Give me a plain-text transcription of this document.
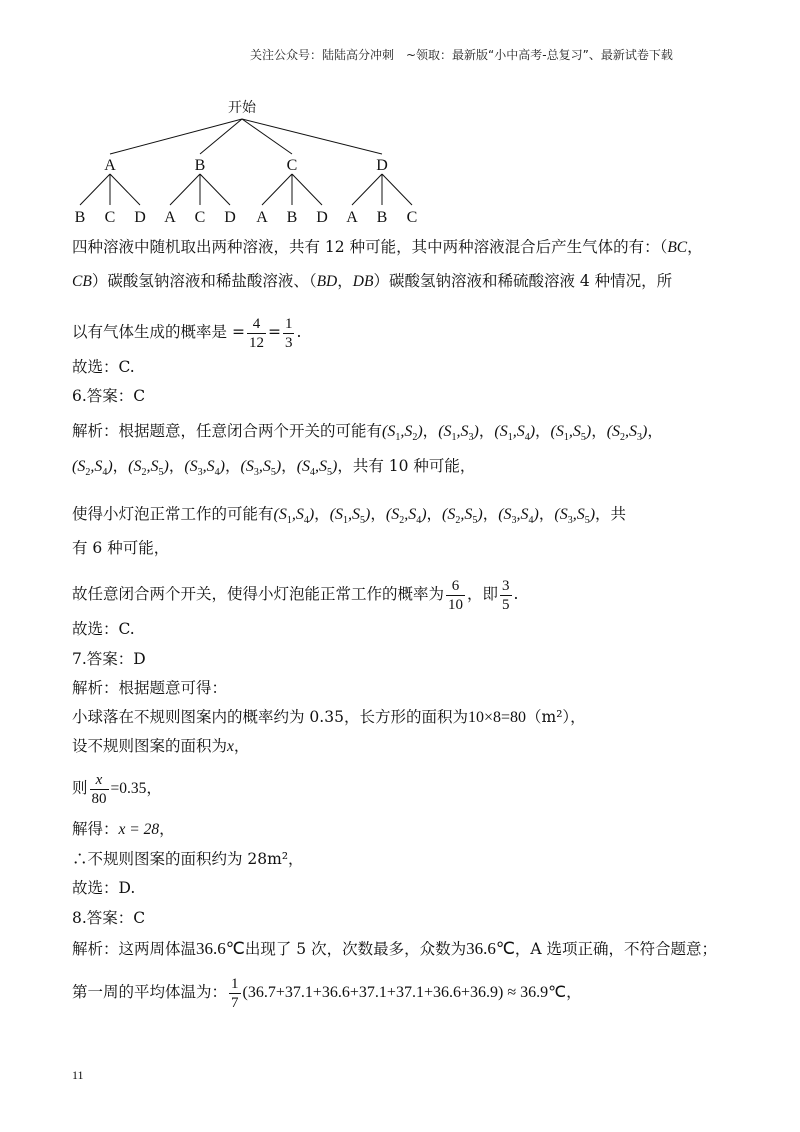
关注公众号：陆陆高分冲刺　~领取：最新版“小中高考-总复习”、最新试卷下载
开始
A	B	C	D
B C D A C D A B D A B C
四种溶液中随机取出两种溶液，共有 12 种可能，其中两种溶液混合后产生气体的有：（BC，
CB）碳酸氢钠溶液和稀盐酸溶液、（BD，DB）碳酸氢钠溶液和稀硫酸溶液 4 种情况，所
以有气体生成的概率是 = $\frac{4}{12} = \frac{1}{3}$ .
故选：C.
6.答案：C
解析：根据题意，任意闭合两个开关的可能有$(S_1,S_2)$，$(S_1,S_3)$，$(S_1,S_4)$，$(S_1,S_5)$，$(S_2,S_3)$，
$(S_2,S_4)$，$(S_2,S_5)$，$(S_3,S_4)$，$(S_3,S_5)$，$(S_4,S_5)$，共有 10 种可能，
使得小灯泡正常工作的可能有$(S_1,S_4)$，$(S_1,S_5)$，$(S_2,S_4)$，$(S_2,S_5)$，$(S_3,S_4)$，$(S_3,S_5)$，共
有 6 种可能，
故任意闭合两个开关，使得小灯泡能正常工作的概率为 $\frac{6}{10}$ ，即 $\frac{3}{5}$ .
故选：C.
7.答案：D
解析：根据题意可得：
小球落在不规则图案内的概率约为 0.35，长方形的面积为10×8=80（m²），
设不规则图案的面积为x，
则 $\frac{x}{80} =0.35$，
解得：x = 28，
∴不规则图案的面积约为 28m²，
故选：D.
8.答案：C
解析：这两周体温36.6℃出现了 5 次，次数最多，众数为36.6℃，A 选项正确，不符合题意；
第一周的平均体温为： $\frac{1}{7} (36.7+37.1+36.6+37.1+37.1+36.6+36.9)$ ≈ 36.9℃，
11
